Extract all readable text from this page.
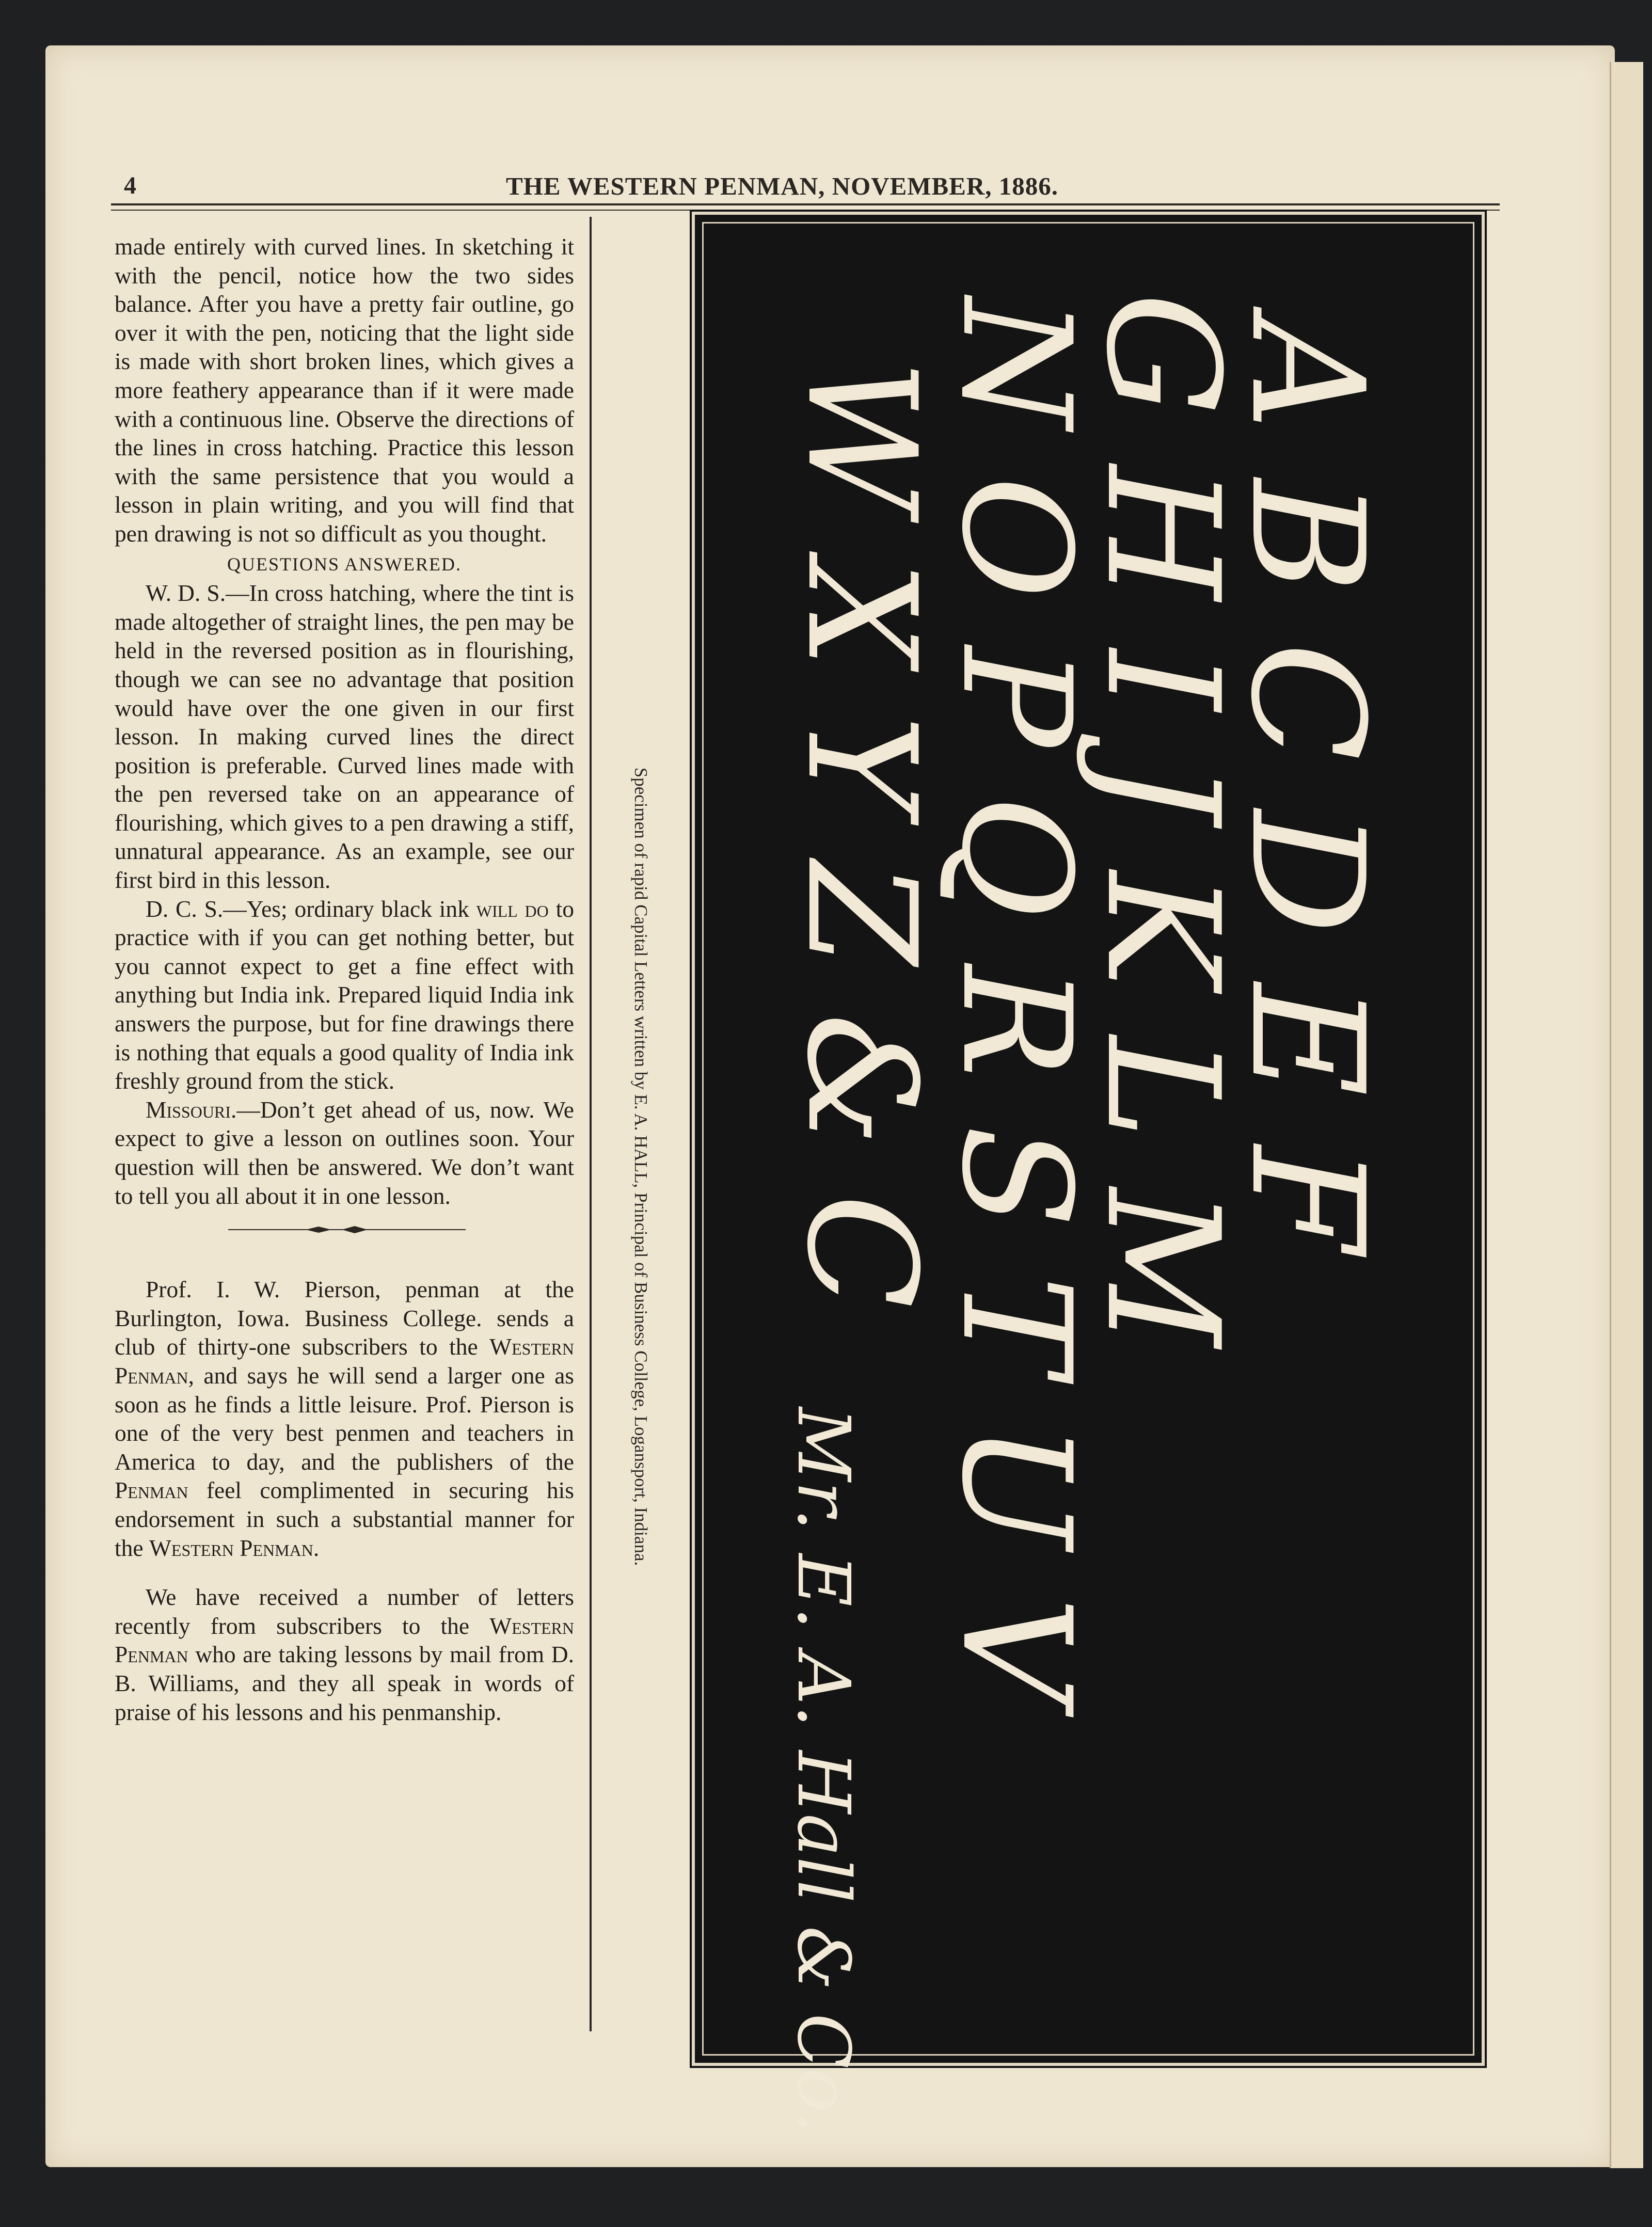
4	THE WESTERN PENMAN, NOVEMBER, 1886.

made entirely with curved lines. In sketching it with the pencil, notice how the two sides balance. After you have a pretty fair outline, go over it with the pen, noticing that the light side is made with short broken lines, which gives a more feathery appearance than if it were made with a continuous line. Observe the directions of the lines in cross hatching. Practice this lesson with the same persistence that you would a lesson in plain writing, and you will find that pen drawing is not so difficult as you thought.

QUESTIONS ANSWERED.

W. D. S.—In cross hatching, where the tint is made altogether of straight lines, the pen may be held in the reversed position as in flourishing, though we can see no advantage that position would have over the one given in our first lesson. In making curved lines the direct position is preferable. Curved lines made with the pen reversed take on an appearance of flourishing, which gives to a pen drawing a stiff, unnatural appearance. As an example, see our first bird in this lesson.

D. C. S.—Yes; ordinary black ink will do to practice with if you can get nothing better, but you cannot expect to get a fine effect with anything but India ink. Prepared liquid India ink answers the purpose, but for fine drawings there is nothing that equals a good quality of India ink freshly ground from the stick.

Missouri.—Don’t get ahead of us, now. We expect to give a lesson on outlines soon. Your question will then be answered. We don’t want to tell you all about it in one lesson.

Prof. I. W. Pierson, penman at the Burlington, Iowa. Business College. sends a club of thirty-one subscribers to the Western Penman, and says he will send a larger one as soon as he finds a little leisure. Prof. Pierson is one of the very best penmen and teachers in America to day, and the publishers of the Penman feel complimented in securing his endorsement in such a substantial manner for the Western Penman.

We have received a number of letters recently from subscribers to the Western Penman who are taking lessons by mail from D. B. Williams, and they all speak in words of praise of his lessons and his penmanship.

Specimen of rapid Capital Letters written by E. A. HALL, Principal of Business College, Logansport, Indiana.	A B C D E F
G H I J K L M
N O P Q R S T U V
W X Y Z & C
Mr. E. A. Hall & Co.
